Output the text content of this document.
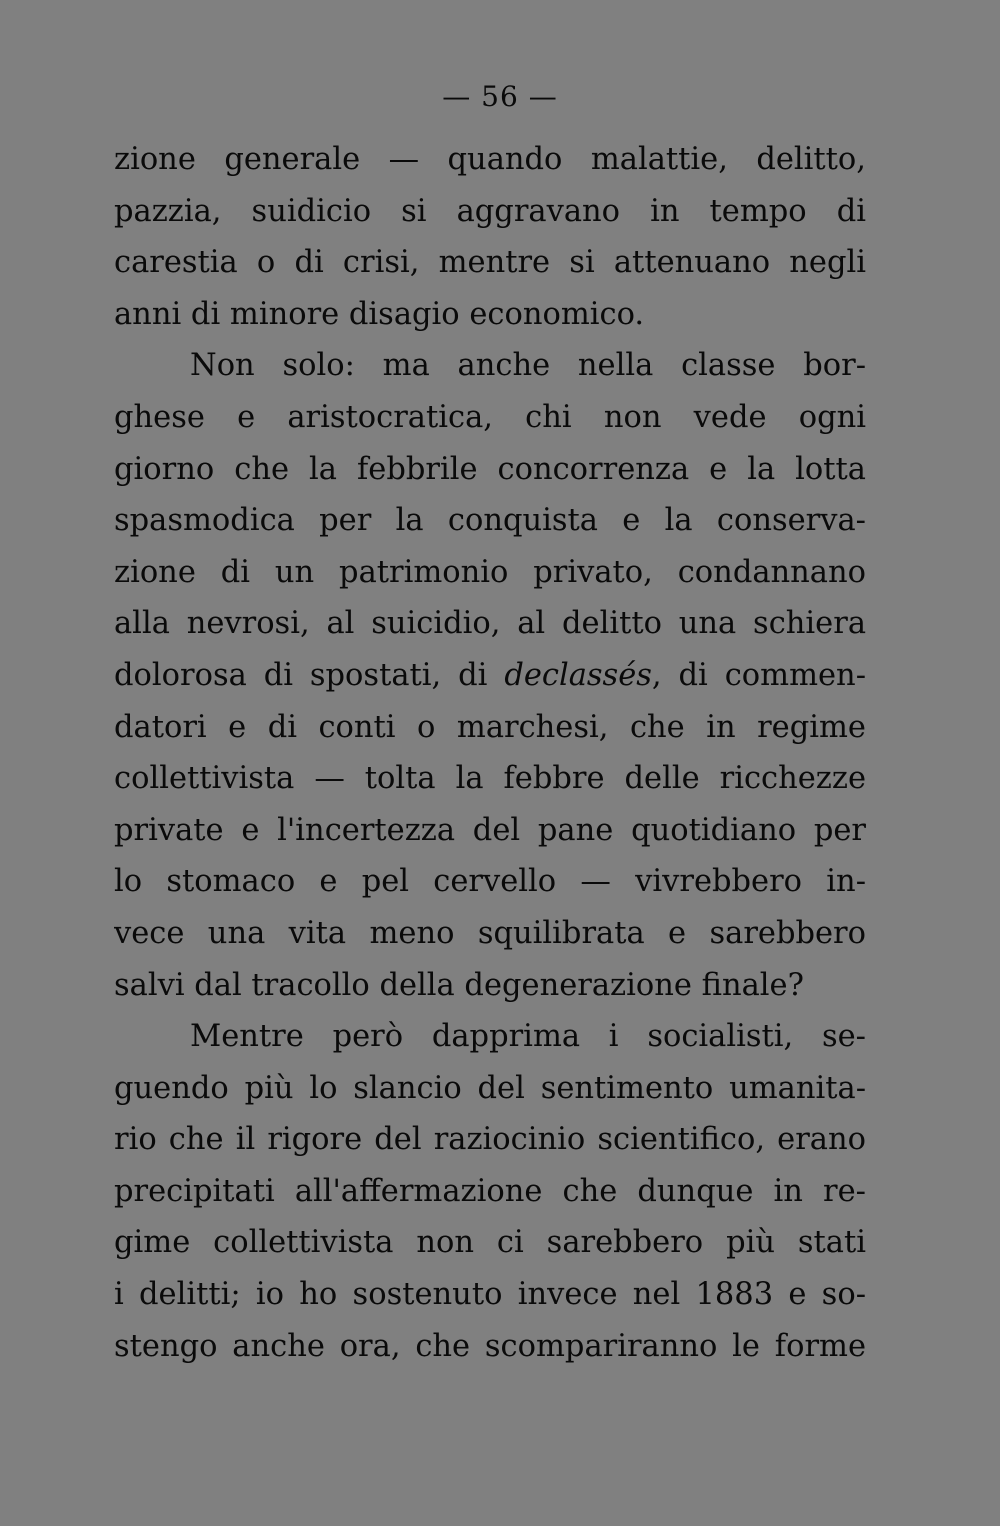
— 56 —
zione generale — quando malattie, delitto,
pazzia, suidicio si aggravano in tempo di
carestia o di crisi, mentre si attenuano negli
anni di minore disagio economico.
Non solo: ma anche nella classe bor-
ghese e aristocratica, chi non vede ogni
giorno che la febbrile concorrenza e la lotta
spasmodica per la conquista e la conserva-
zione di un patrimonio privato, condannano
alla nevrosi, al suicidio, al delitto una schiera
dolorosa di spostati, di declassés, di commen-
datori e di conti o marchesi, che in regime
collettivista — tolta la febbre delle ricchezze
private e l'incertezza del pane quotidiano per
lo stomaco e pel cervello — vivrebbero in-
vece una vita meno squilibrata e sarebbero
salvi dal tracollo della degenerazione finale?
Mentre però dapprima i socialisti, se-
guendo più lo slancio del sentimento umanita-
rio che il rigore del raziocinio scientifico, erano
precipitati all'affermazione che dunque in re-
gime collettivista non ci sarebbero più stati
i delitti; io ho sostenuto invece nel 1883 e so-
stengo anche ora, che scompariranno le forme
